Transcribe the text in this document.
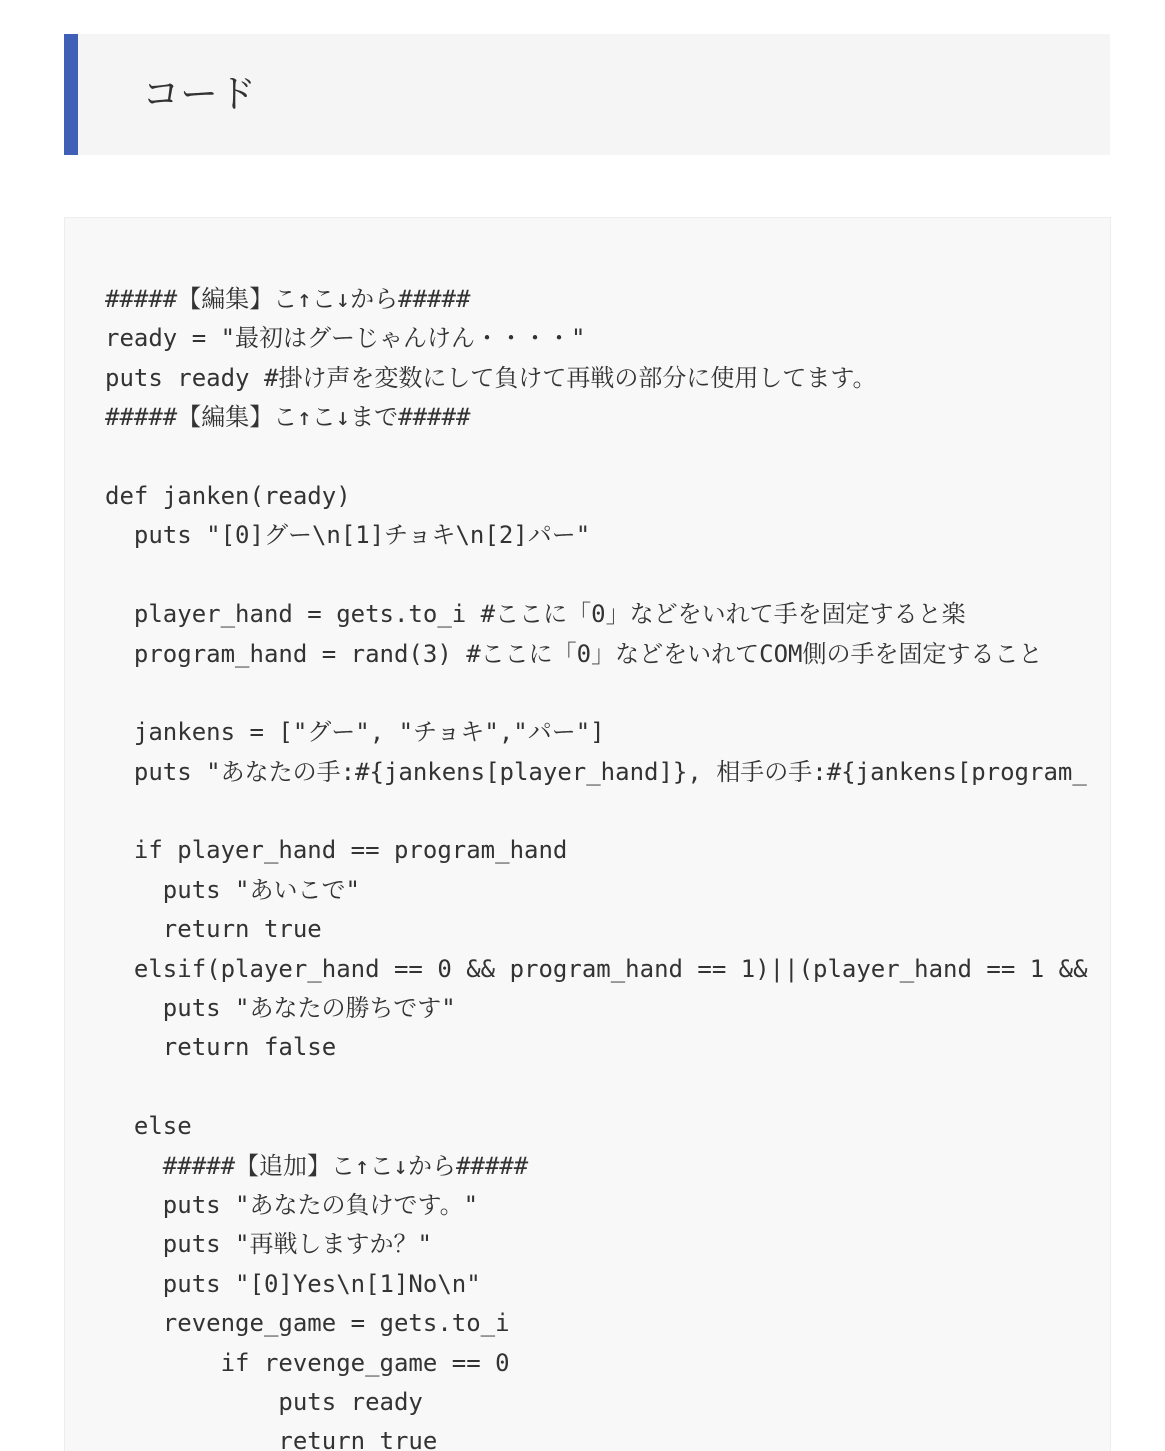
コード
#####【編集】こ↑こ↓から#####
ready = "最初はグーじゃんけん・・・・"
puts ready #掛け声を変数にして負けて再戦の部分に使用してます。
#####【編集】こ↑こ↓まで#####
def janken(ready)
puts "[0]グー\n[1]チョキ\n[2]パー"
player_hand = gets.to_i #ここに「0」などをいれて手を固定すると楽
program_hand = rand(3) #ここに「0」などをいれてCOM側の手を固定すること
jankens = ["グー", "チョキ","パー"]
puts "あなたの手:#{jankens[player_hand]}, 相手の手:#{jankens[program_
if player_hand == program_hand
puts "あいこで"
return true
elsif(player_hand == 0 && program_hand == 1)||(player_hand == 1 &&
puts "あなたの勝ちです"
return false
else
#####【追加】こ↑こ↓から#####
puts "あなたの負けです。"
puts "再戦しますか？"
puts "[0]Yes\n[1]No\n"
revenge_game = gets.to_i
if revenge_game == 0
puts ready
return true
